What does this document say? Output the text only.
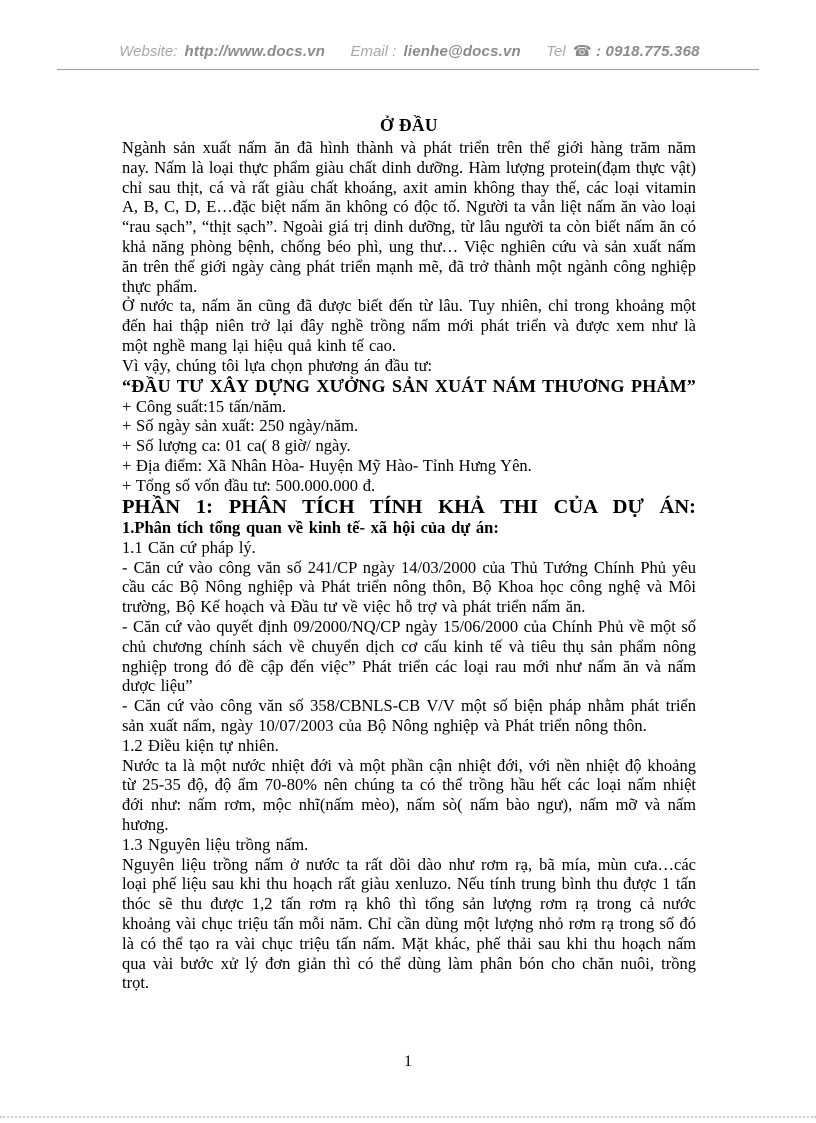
Website: http://www.docs.vn Email : lienhe@docs.vn Tel ☎ : 0918.775.368
Ở ĐẦU
Ngành sản xuất nấm ăn đã hình thành và phát triển trên thế giới hàng trăm năm nay. Nấm là loại thực phẩm giàu chất dinh dưỡng. Hàm lượng protein(đạm thực vật) chỉ sau thịt, cá và rất giàu chất khoáng, axit amin không thay thế, các loại vitamin A, B, C, D, E…đặc biệt nấm ăn không có độc tố. Người ta vẫn liệt nấm ăn vào loại “rau sạch”, “thịt sạch”. Ngoài giá trị dinh dưỡng, từ lâu người ta còn biết nấm ăn có khả năng phòng bệnh, chống béo phì, ung thư… Việc nghiên cứu và sản xuất nấm ăn trên thế giới ngày càng phát triển mạnh mẽ, đã trở thành một ngành công nghiệp thực phẩm.
Ở nước ta, nấm ăn cũng đã được biết đến từ lâu. Tuy nhiên, chỉ trong khoảng một đến hai thập niên trở lại đây nghề trồng nấm mới phát triển và được xem như là một nghề mang lại hiệu quả kinh tế cao.
Vì vậy, chúng tôi lựa chọn phương án đầu tư:
“ĐẦU TƯ XÂY DỰNG XƯỞNG SẢN XUÁT NÁM THƯƠNG PHẢM”
+ Công suất:15 tấn/năm.
+ Số ngày sản xuất: 250 ngày/năm.
+ Số lượng ca: 01 ca( 8 giờ/ ngày.
+ Địa điểm: Xã Nhân Hòa- Huyện Mỹ Hào- Tỉnh Hưng Yên.
+ Tổng số vốn đầu tư: 500.000.000 đ.
PHẦN 1: PHÂN TÍCH TÍNH KHẢ THI CỦA DỰ ÁN:
1.Phân tích tổng quan về kinh tế- xã hội của dự án:
1.1 Căn cứ pháp lý.
- Căn cứ vào công văn số 241/CP ngày 14/03/2000 của Thủ Tướng Chính Phủ yêu cầu các Bộ Nông nghiệp và Phát triển nông thôn, Bộ Khoa học công nghệ và Môi trường, Bộ Kế hoạch và Đầu tư về việc hỗ trợ và phát triển nấm ăn.
- Căn cứ vào quyết định 09/2000/NQ/CP ngày 15/06/2000 của Chính Phủ về một số chủ chương chính sách về chuyển dịch cơ cấu kinh tế và tiêu thụ sản phẩm nông nghiệp trong đó đề cập đến việc” Phát triển các loại rau mới như nấm ăn và nấm dược liệu”
- Căn cứ vào công văn số 358/CBNLS-CB V/V một số biện pháp nhằm phát triển sản xuất nấm, ngày 10/07/2003 của Bộ Nông nghiệp và Phát triển nông thôn.
1.2 Điều kiện tự nhiên.
Nước ta là một nước nhiệt đới và một phần cận nhiệt đới, với nền nhiệt độ khoảng từ 25-35 độ, độ ẩm 70-80% nên chúng ta có thể trồng hầu hết các loại nấm nhiệt đới như: nấm rơm, mộc nhĩ(nấm mèo), nấm sò( nấm bào ngư), nấm mỡ và nấm hương.
1.3 Nguyên liệu trồng nấm.
Nguyên liệu trồng nấm ở nước ta rất dồi dào như rơm rạ, bã mía, mùn cưa…các loại phế liệu sau khi thu hoạch rất giàu xenluzo. Nếu tính trung bình thu được 1 tấn thóc sẽ thu được 1,2 tấn rơm rạ khô thì tổng sản lượng rơm rạ trong cả nước khoảng vài chục triệu tấn mỗi năm. Chỉ cần dùng một lượng nhỏ rơm rạ trong số đó là có thể tạo ra vài chục triệu tấn nấm. Mặt khác, phế thải sau khi thu hoạch nấm qua vài bước xử lý đơn giản thì có thể dùng làm phân bón cho chăn nuôi, trồng trọt.
1
